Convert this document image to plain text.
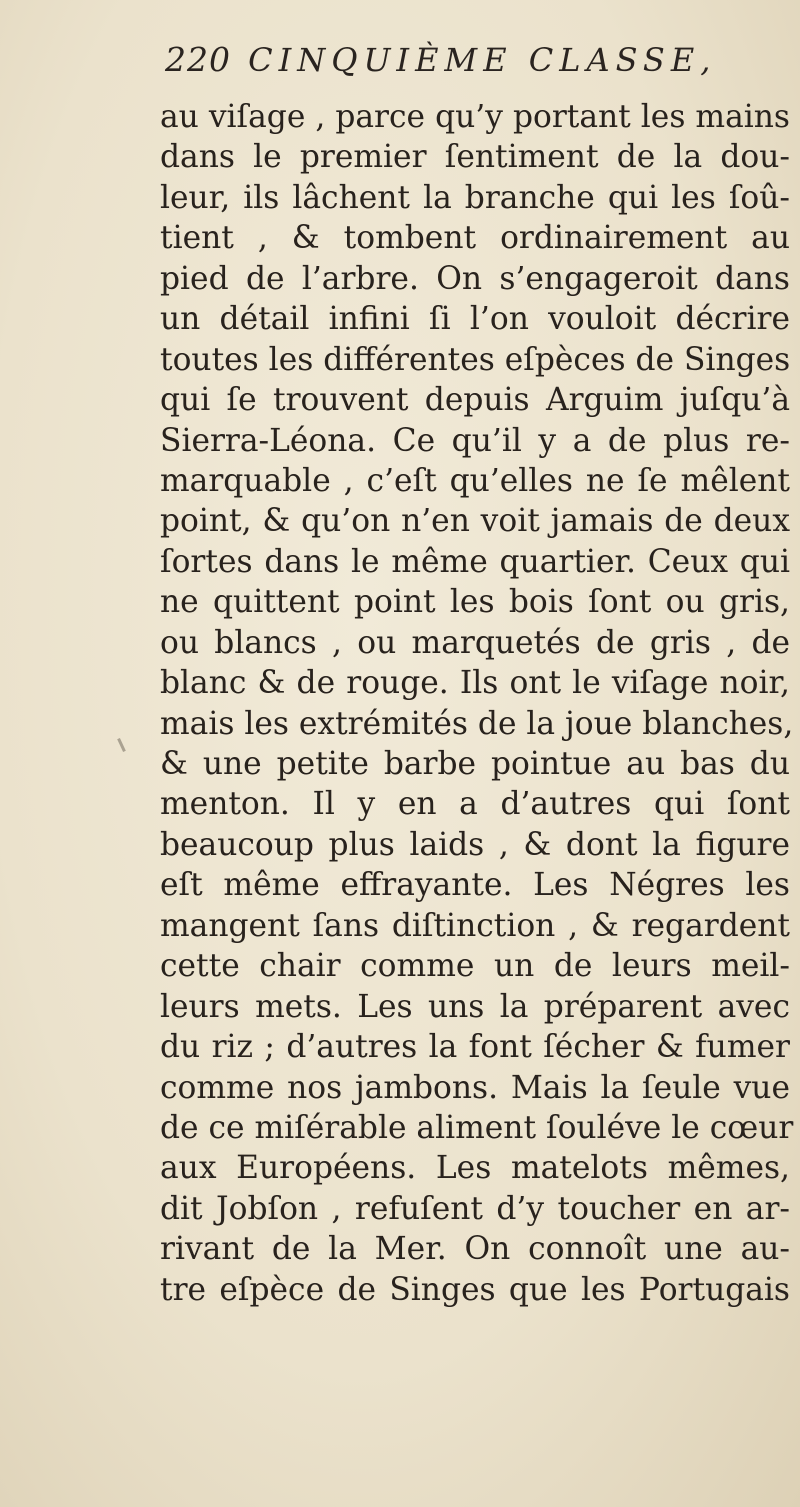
220 CINQUIÈME CLASSE,
au viſage , parce qu’y portant les mains
dans le premier ſentiment de la dou-
leur, ils lâchent la branche qui les ſoû-
tient , & tombent ordinairement au
pied de l’arbre. On s’engageroit dans
un détail infini ſi l’on vouloit décrire
toutes les différentes eſpèces de Singes
qui ſe trouvent depuis Arguim juſqu’à
Sierra-Léona. Ce qu’il y a de plus re-
marquable , c’eſt qu’elles ne ſe mêlent
point, & qu’on n’en voit jamais de deux
ſortes dans le même quartier. Ceux qui
ne quittent point les bois ſont ou gris,
ou blancs , ou marquetés de gris , de
blanc & de rouge. Ils ont le viſage noir,
mais les extrémités de la joue blanches,
& une petite barbe pointue au bas du
menton. Il y en a d’autres qui ſont
beaucoup plus laids , & dont la figure
eſt même effrayante. Les Négres les
mangent ſans diſtinction , & regardent
cette chair comme un de leurs meil-
leurs mets. Les uns la préparent avec
du riz ; d’autres la font ſécher & fumer
comme nos jambons. Mais la ſeule vue
de ce miſérable aliment ſouléve le cœur
aux Européens. Les matelots mêmes,
dit Jobſon , refuſent d’y toucher en ar-
rivant de la Mer. On connoît une au-
tre eſpèce de Singes que les Portugais
